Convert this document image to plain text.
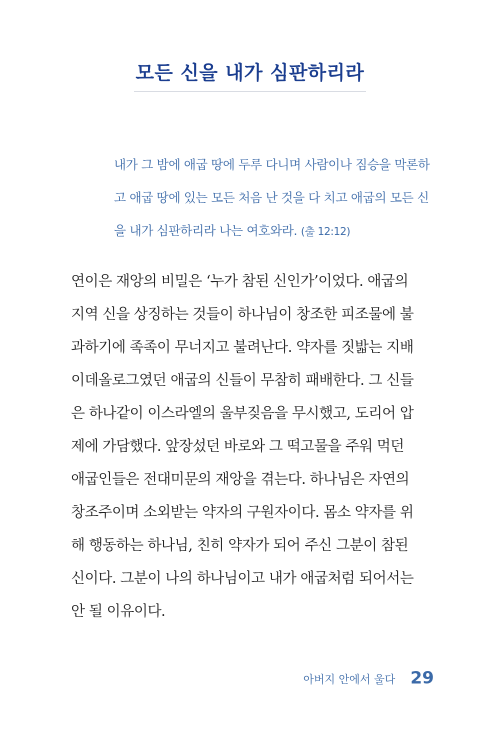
모든 신을 내가 심판하리라
내가 그 밤에 애굽 땅에 두루 다니며 사람이나 짐승을 막론하
고 애굽 땅에 있는 모든 처음 난 것을 다 치고 애굽의 모든 신
을 내가 심판하리라 나는 여호와라. (출 12:12)
연이은 재앙의 비밀은 ‘누가 참된 신인가’이었다. 애굽의
지역 신을 상징하는 것들이 하나님이 창조한 피조물에 불
과하기에 족족이 무너지고 불려난다. 약자를 짓밟는 지배
이데올로그였던 애굽의 신들이 무참히 패배한다. 그 신들
은 하나같이 이스라엘의 울부짖음을 무시했고, 도리어 압
제에 가담했다. 앞장섰던 바로와 그 떡고물을 주워 먹던
애굽인들은 전대미문의 재앙을 겪는다. 하나님은 자연의
창조주이며 소외받는 약자의 구원자이다. 몸소 약자를 위
해 행동하는 하나님, 친히 약자가 되어 주신 그분이 참된
신이다. 그분이 나의 하나님이고 내가 애굽처럼 되어서는
안 될 이유이다.
아버지 안에서 울다 29
